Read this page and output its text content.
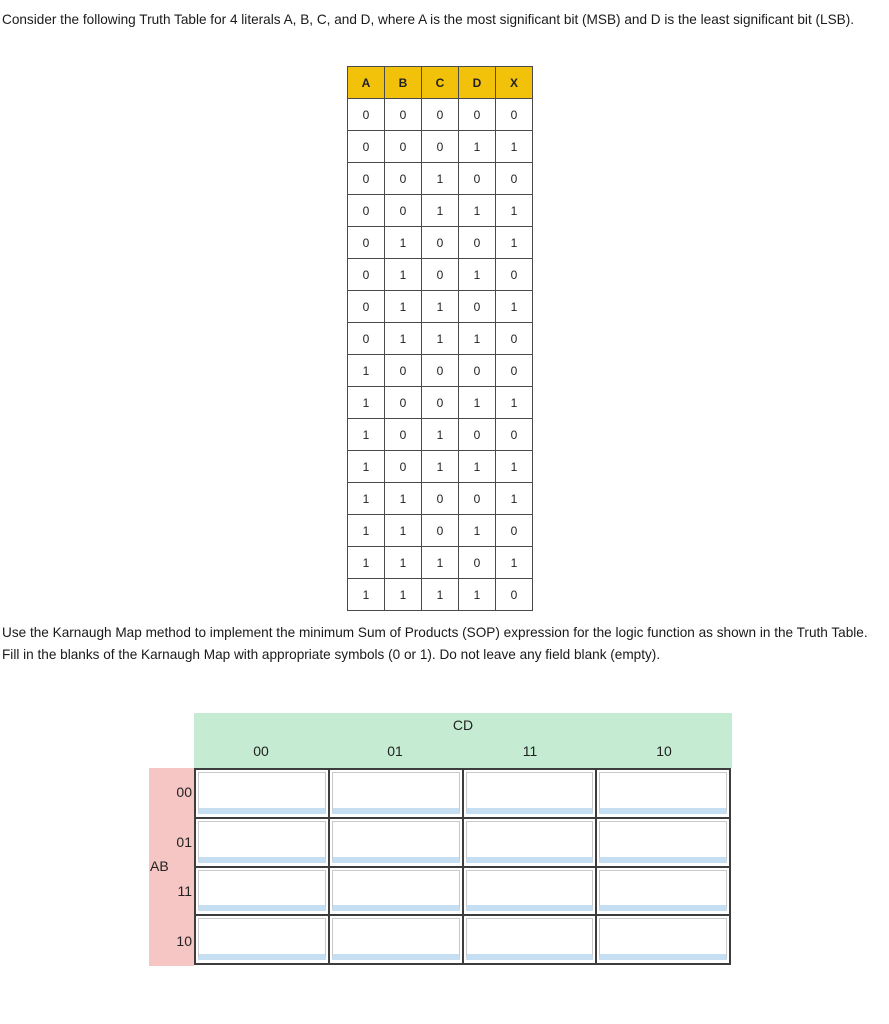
Consider the following Truth Table for 4 literals A, B, C, and D, where A is the most significant bit (MSB) and D is the least significant bit (LSB).
A	B	C	D	X
0	0	0	0	0
0	0	0	1	1
0	0	1	0	0
0	0	1	1	1
0	1	0	0	1
0	1	0	1	0
0	1	1	0	1
0	1	1	1	0
1	0	0	0	0
1	0	0	1	1
1	0	1	0	0
1	0	1	1	1
1	1	0	0	1
1	1	0	1	0
1	1	1	0	1
1	1	1	1	0
Use the Karnaugh Map method to implement the minimum Sum of Products (SOP) expression for the logic function as shown in the Truth Table. Fill in the blanks of the Karnaugh Map with appropriate symbols (0 or 1). Do not leave any field blank (empty).
CD
00	01	11	10
AB
00
01
11
10
